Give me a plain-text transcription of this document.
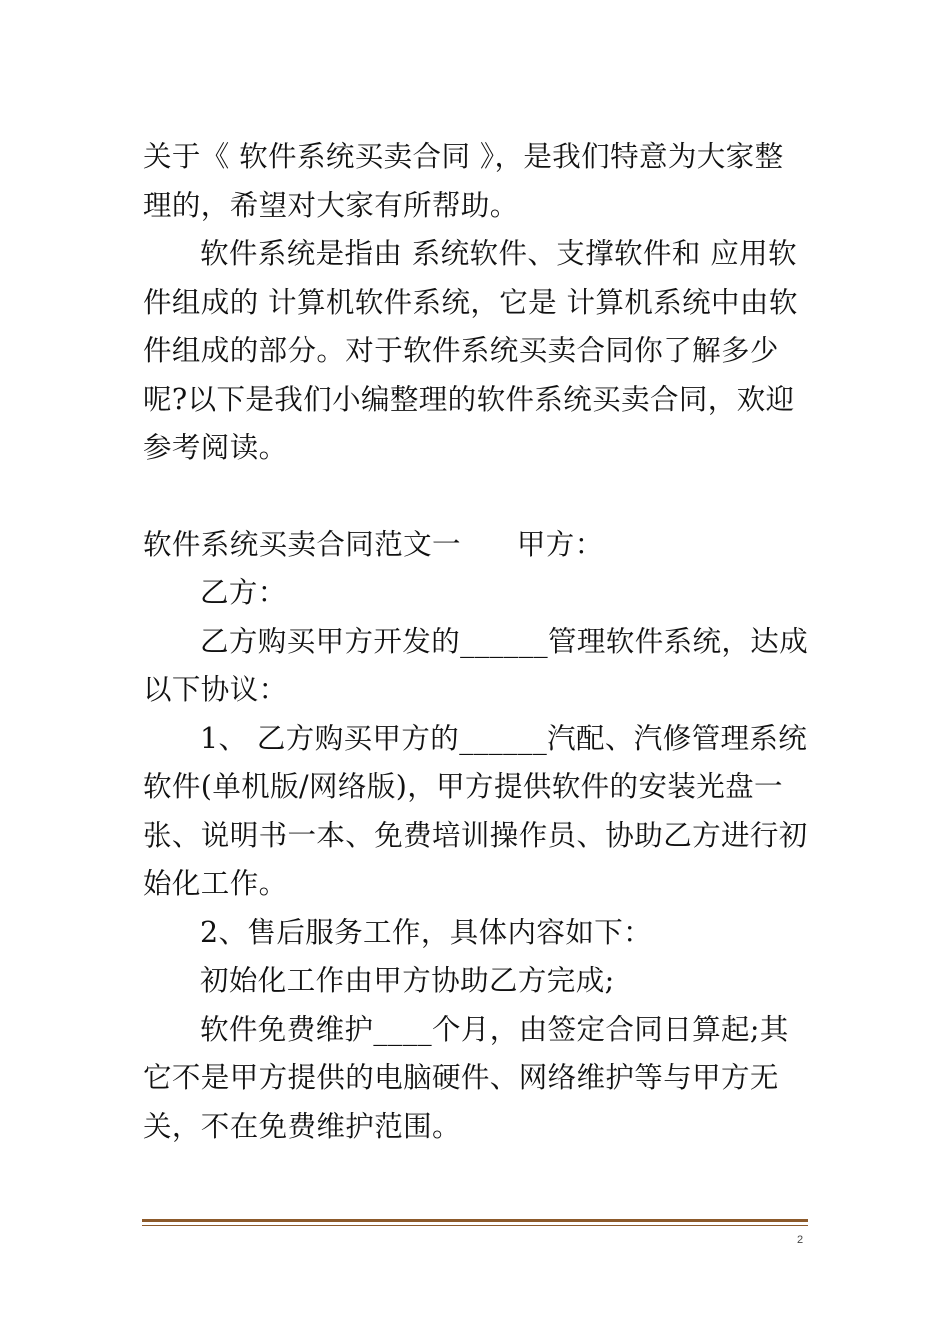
关于《 软件系统买卖合同 》，是我们特意为大家整理的，希望对大家有所帮助。

软件系统是指由 系统软件、支撑软件和 应用软件组成的 计算机软件系统，它是 计算机系统中由软件组成的部分。对于软件系统买卖合同你了解多少呢?以下是我们小编整理的软件系统买卖合同，欢迎参考阅读。

软件系统买卖合同范文一 甲方：

乙方：

乙方购买甲方开发的______管理软件系统，达成以下协议：

1、 乙方购买甲方的______汽配、汽修管理系统软件(单机版/网络版)，甲方提供软件的安装光盘一张、说明书一本、免费培训操作员、协助乙方进行初始化工作。

2、售后服务工作，具体内容如下：

初始化工作由甲方协助乙方完成;

软件免费维护____个月，由签定合同日算起;其它不是甲方提供的电脑硬件、网络维护等与甲方无关，不在免费维护范围。

2
